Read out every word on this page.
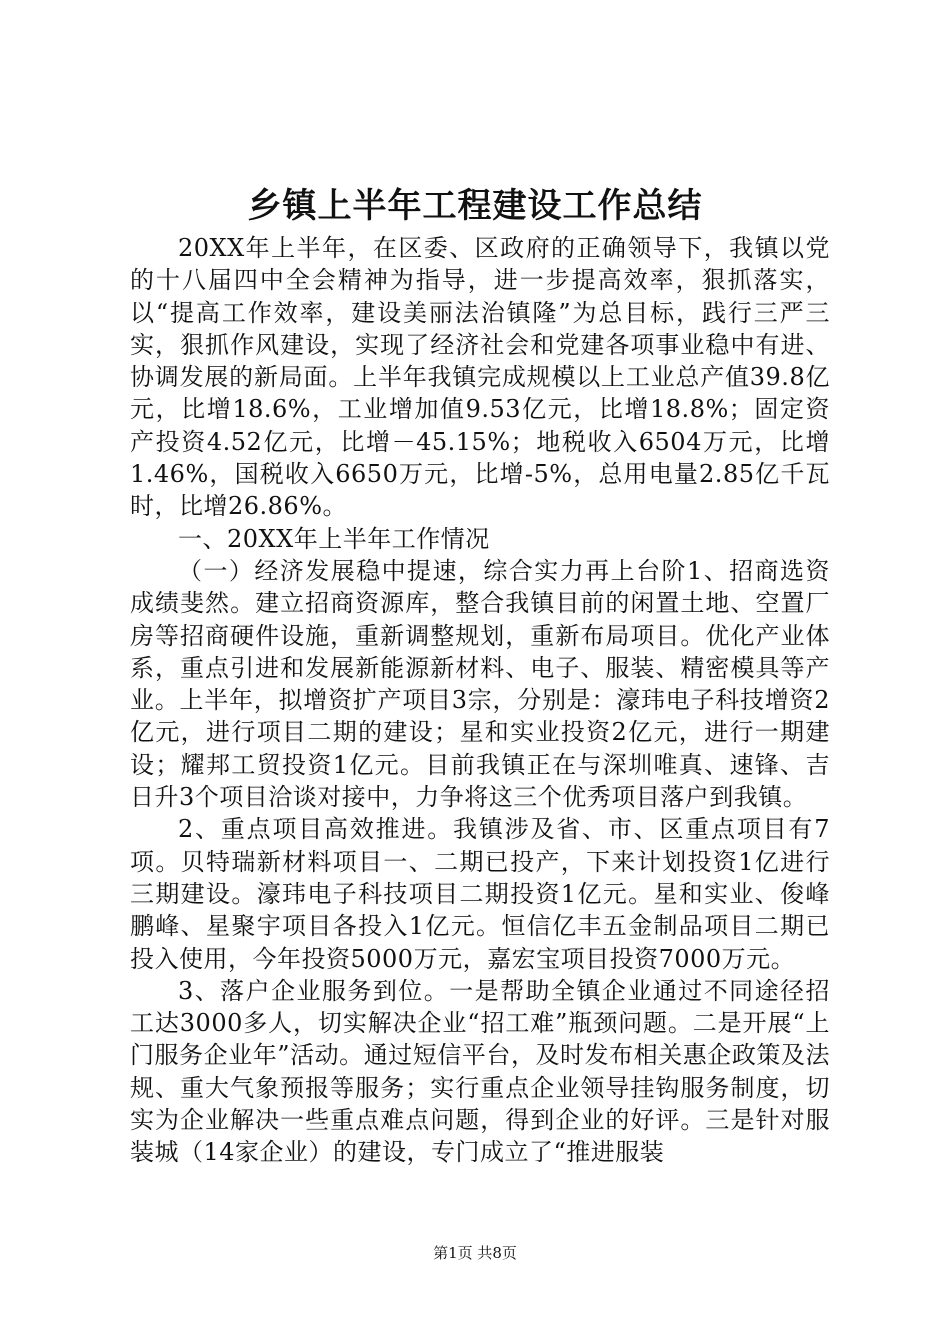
乡镇上半年工程建设工作总结

20XX年上半年，在区委、区政府的正确领导下，我镇以党的十八届四中全会精神为指导，进一步提高效率，狠抓落实，以“提高工作效率，建设美丽法治镇隆”为总目标，践行三严三实，狠抓作风建设，实现了经济社会和党建各项事业稳中有进、协调发展的新局面。上半年我镇完成规模以上工业总产值39.8亿元，比增18.6%，工业增加值9.53亿元，比增18.8%；固定资产投资4.52亿元，比增－45.15%；地税收入6504万元，比增1.46%，国税收入6650万元，比增-5%，总用电量2.85亿千瓦时，比增26.86%。

一、20XX年上半年工作情况

（一）经济发展稳中提速，综合实力再上台阶1、招商选资成绩斐然。建立招商资源库，整合我镇目前的闲置土地、空置厂房等招商硬件设施，重新调整规划，重新布局项目。优化产业体系，重点引进和发展新能源新材料、电子、服装、精密模具等产业。上半年，拟增资扩产项目3宗，分别是：濠玮电子科技增资2亿元，进行项目二期的建设；星和实业投资2亿元，进行一期建设；耀邦工贸投资1亿元。目前我镇正在与深圳唯真、速锋、吉日升3个项目洽谈对接中，力争将这三个优秀项目落户到我镇。

2、重点项目高效推进。我镇涉及省、市、区重点项目有7项。贝特瑞新材料项目一、二期已投产，下来计划投资1亿进行三期建设。濠玮电子科技项目二期投资1亿元。星和实业、俊峰鹏峰、星聚宇项目各投入1亿元。恒信亿丰五金制品项目二期已投入使用，今年投资5000万元，嘉宏宝项目投资7000万元。

3、落户企业服务到位。一是帮助全镇企业通过不同途径招工达3000多人，切实解决企业“招工难”瓶颈问题。二是开展“上门服务企业年”活动。通过短信平台，及时发布相关惠企政策及法规、重大气象预报等服务；实行重点企业领导挂钩服务制度，切实为企业解决一些重点难点问题，得到企业的好评。三是针对服装城（14家企业）的建设，专门成立了“推进服装

第1页 共8页
